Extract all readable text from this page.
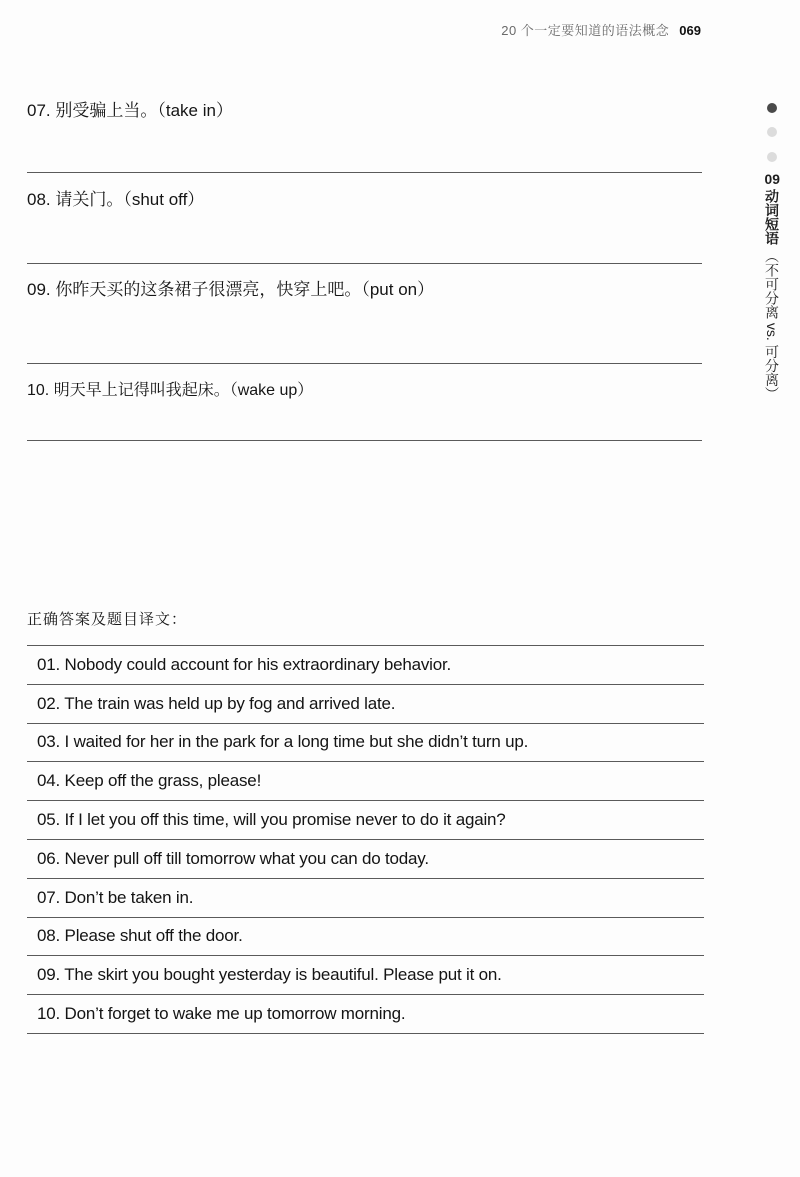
20 个一定要知道的语法概念 069
07. 别受骗上当。（take in）
08. 请关门。（shut off）
09. 你昨天买的这条裙子很漂亮，快穿上吧。（put on）
10. 明天早上记得叫我起床。（wake up）
09动词短语（不可分离 vs. 可分离）
正确答案及题目译文：
01. Nobody could account for his extraordinary behavior.
02. The train was held up by fog and arrived late.
03. I waited for her in the park for a long time but she didn’t turn up.
04. Keep off the grass, please!
05. If I let you off this time, will you promise never to do it again?
06. Never pull off till tomorrow what you can do today.
07. Don’t be taken in.
08. Please shut off the door.
09. The skirt you bought yesterday is beautiful. Please put it on.
10. Don’t forget to wake me up tomorrow morning.
